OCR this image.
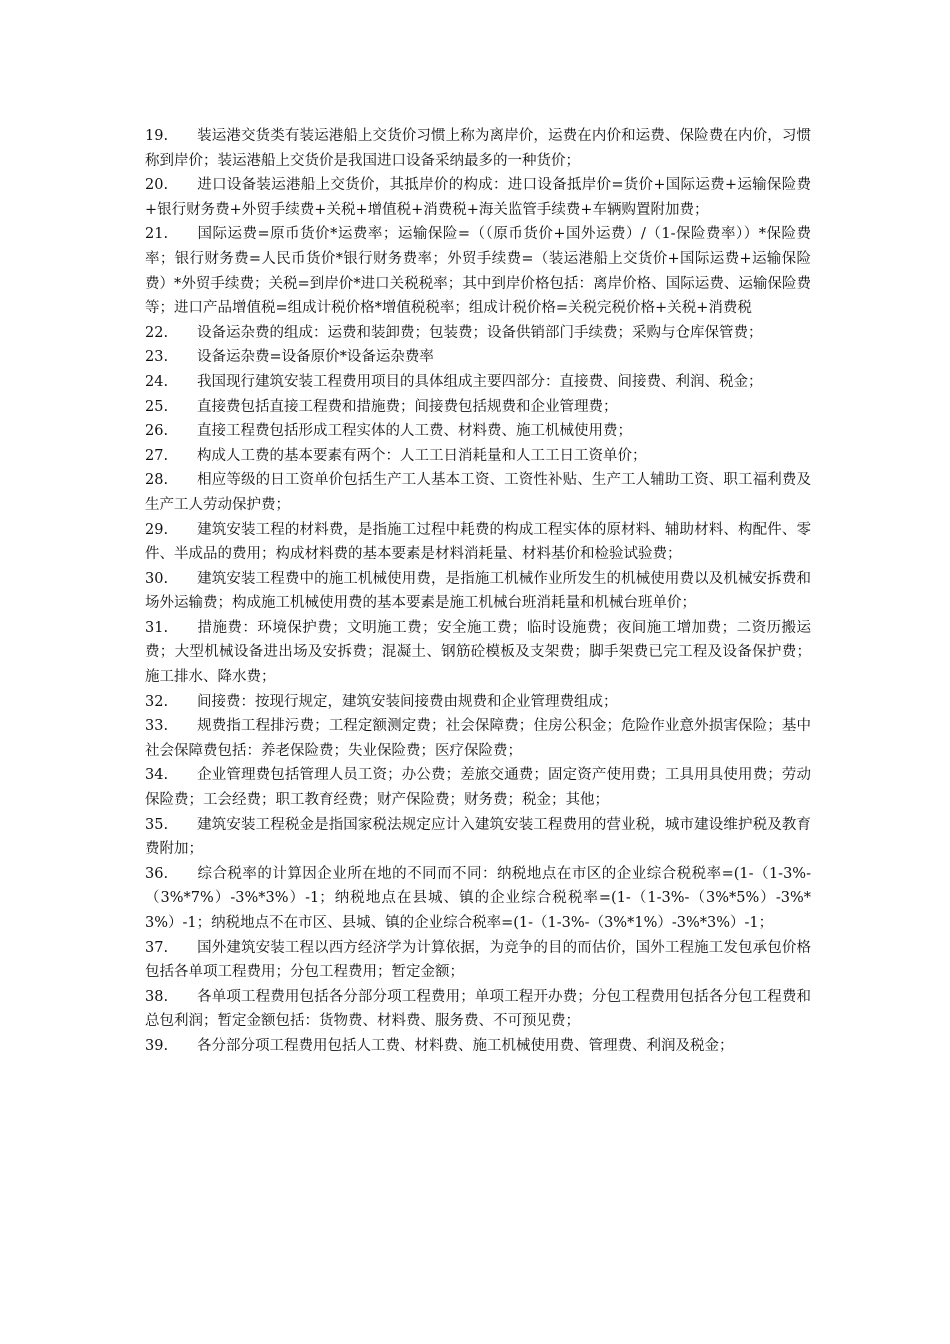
19. 装运港交货类有装运港船上交货价习惯上称为离岸价，运费在内价和运费、保险费在内价，习惯称到岸价；装运港船上交货价是我国进口设备采纳最多的一种货价；

20. 进口设备装运港船上交货价，其抵岸价的构成：进口设备抵岸价=货价+国际运费+运输保险费+银行财务费+外贸手续费+关税+增值税+消费税+海关监管手续费+车辆购置附加费；

21. 国际运费=原币货价*运费率；运输保险=（（原币货价+国外运费）/（1-保险费率））*保险费率；银行财务费=人民币货价*银行财务费率；外贸手续费=（装运港船上交货价+国际运费+运输保险费）*外贸手续费；关税=到岸价*进口关税税率；其中到岸价格包括：离岸价格、国际运费、运输保险费等；进口产品增值税=组成计税价格*增值税税率；组成计税价格=关税完税价格+关税+消费税

22. 设备运杂费的组成：运费和装卸费；包装费；设备供销部门手续费；采购与仓库保管费；

23. 设备运杂费=设备原价*设备运杂费率

24. 我国现行建筑安装工程费用项目的具体组成主要四部分：直接费、间接费、利润、税金；

25. 直接费包括直接工程费和措施费；间接费包括规费和企业管理费；

26. 直接工程费包括形成工程实体的人工费、材料费、施工机械使用费；

27. 构成人工费的基本要素有两个：人工工日消耗量和人工工日工资单价；

28. 相应等级的日工资单价包括生产工人基本工资、工资性补贴、生产工人辅助工资、职工福利费及生产工人劳动保护费；

29. 建筑安装工程的材料费，是指施工过程中耗费的构成工程实体的原材料、辅助材料、构配件、零件、半成品的费用；构成材料费的基本要素是材料消耗量、材料基价和检验试验费；

30. 建筑安装工程费中的施工机械使用费，是指施工机械作业所发生的机械使用费以及机械安拆费和场外运输费；构成施工机械使用费的基本要素是施工机械台班消耗量和机械台班单价；

31. 措施费：环境保护费；文明施工费；安全施工费；临时设施费；夜间施工增加费；二资历搬运费；大型机械设备进出场及安拆费；混凝土、钢筋砼模板及支架费；脚手架费已完工程及设备保护费；施工排水、降水费；

32. 间接费：按现行规定，建筑安装间接费由规费和企业管理费组成；

33. 规费指工程排污费；工程定额测定费；社会保障费；住房公积金；危险作业意外损害保险；基中社会保障费包括：养老保险费；失业保险费；医疗保险费；

34. 企业管理费包括管理人员工资；办公费；差旅交通费；固定资产使用费；工具用具使用费；劳动保险费；工会经费；职工教育经费；财产保险费；财务费；税金；其他；

35. 建筑安装工程税金是指国家税法规定应计入建筑安装工程费用的营业税，城市建设维护税及教育费附加；

36. 综合税率的计算因企业所在地的不同而不同：纳税地点在市区的企业综合税税率=(1-（1-3%-（3%*7%）-3%*3%）-1；纳税地点在县城、镇的企业综合税税率=(1-（1-3%-（3%*5%）-3%*3%）-1；纳税地点不在市区、县城、镇的企业综合税率=(1-（1-3%-（3%*1%）-3%*3%）-1；

37. 国外建筑安装工程以西方经济学为计算依据，为竞争的目的而估价，国外工程施工发包承包价格包括各单项工程费用；分包工程费用；暂定金额；

38. 各单项工程费用包括各分部分项工程费用；单项工程开办费；分包工程费用包括各分包工程费和总包利润；暂定金额包括：货物费、材料费、服务费、不可预见费；

39. 各分部分项工程费用包括人工费、材料费、施工机械使用费、管理费、利润及税金；
